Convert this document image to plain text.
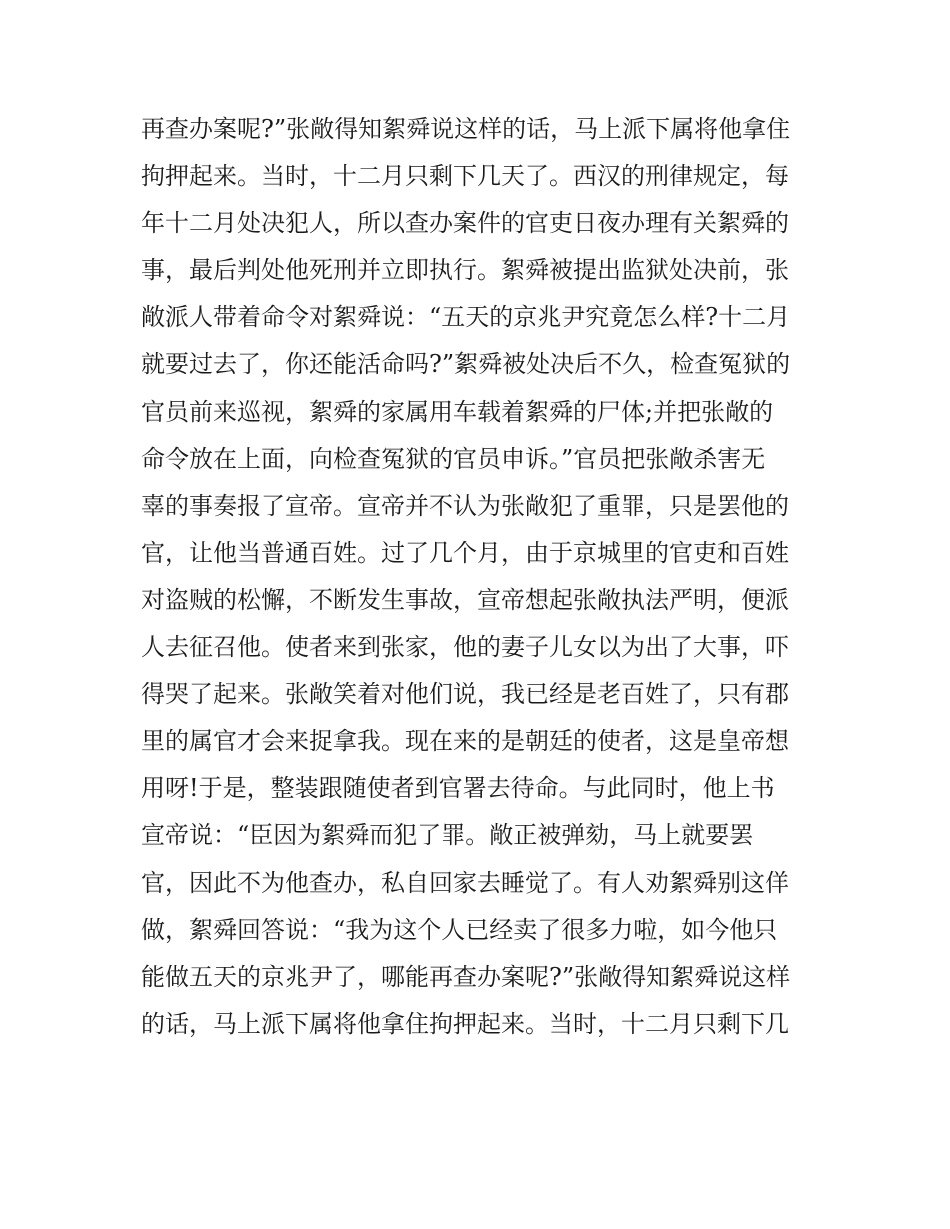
再查办案呢?”张敞得知絮舜说这样的话，马上派下属将他拿住
拘押起来。当时，十二月只剩下几天了。西汉的刑律规定，每
年十二月处决犯人，所以查办案件的官吏日夜办理有关絮舜的
事，最后判处他死刑并立即执行。絮舜被提出监狱处决前，张
敞派人带着命令对絮舜说：“五天的京兆尹究竟怎么样?十二月
就要过去了，你还能活命吗?”絮舜被处决后不久，检查冤狱的
官员前来巡视，絮舜的家属用车载着絮舜的尸体;并把张敞的
命令放在上面，向检查冤狱的官员申诉。”官员把张敞杀害无
辜的事奏报了宣帝。宣帝并不认为张敞犯了重罪，只是罢他的
官，让他当普通百姓。过了几个月，由于京城里的官吏和百姓
对盗贼的松懈，不断发生事故，宣帝想起张敞执法严明，便派
人去征召他。使者来到张家，他的妻子儿女以为出了大事，吓
得哭了起来。张敞笑着对他们说，我已经是老百姓了，只有郡
里的属官才会来捉拿我。现在来的是朝廷的使者，这是皇帝想
用呀!于是，整装跟随使者到官署去待命。与此同时，他上书
宣帝说：“臣因为絮舜而犯了罪。敞正被弹劾，马上就要罢
官，因此不为他查办，私自回家去睡觉了。有人劝絮舜别这佯
做，絮舜回答说：“我为这个人已经卖了很多力啦，如今他只
能做五天的京兆尹了，哪能再查办案呢?”张敞得知絮舜说这样
的话，马上派下属将他拿住拘押起来。当时，十二月只剩下几
